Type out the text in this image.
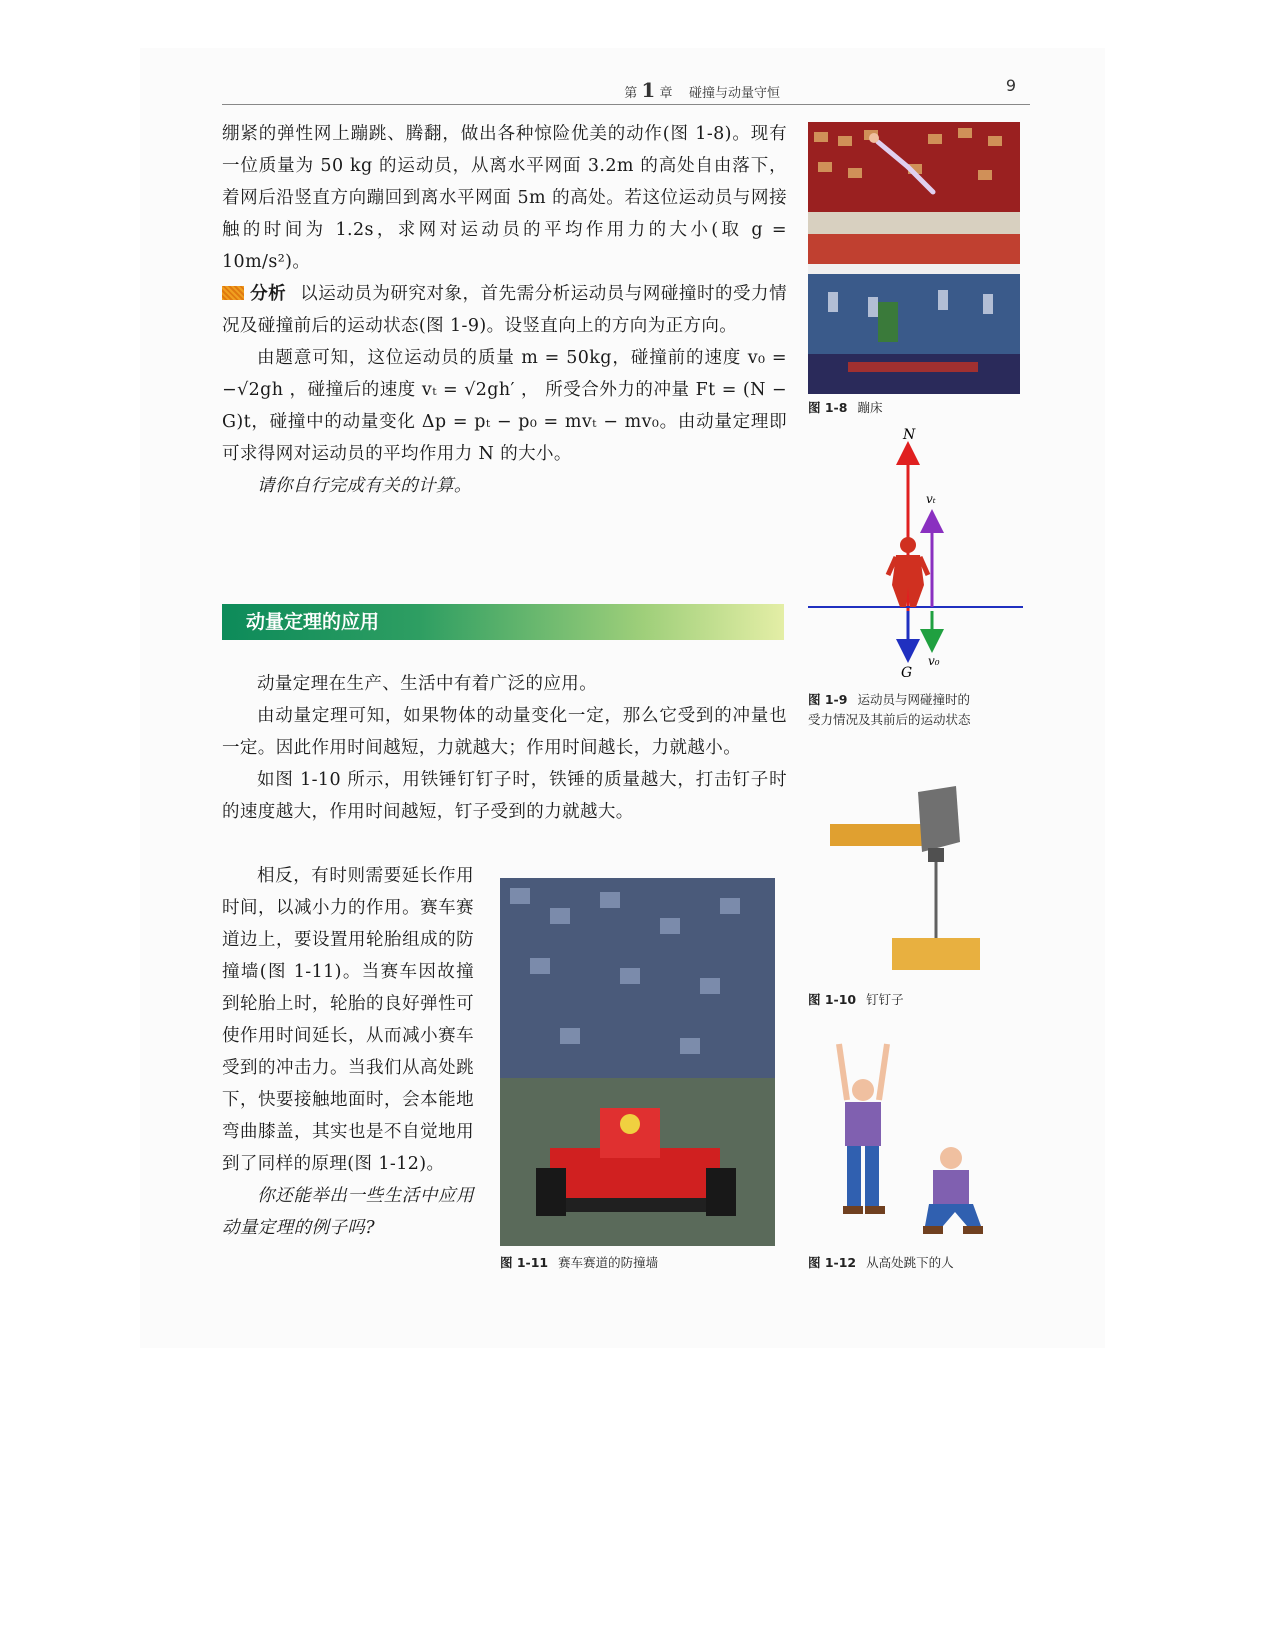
第 1 章 碰撞与动量守恒	9

绷紧的弹性网上蹦跳、腾翻，做出各种惊险优美的动作(图 1-8)。现有一位质量为 50 kg 的运动员，从离水平网面 3.2m 的高处自由落下，着网后沿竖直方向蹦回到离水平网面 5m 的高处。若这位运动员与网接触的时间为 1.2s，求网对运动员的平均作用力的大小(取 g = 10m/s²)。

分析 以运动员为研究对象，首先需分析运动员与网碰撞时的受力情况及碰撞前后的运动状态(图 1-9)。设竖直向上的方向为正方向。

由题意可知，这位运动员的质量 m = 50kg，碰撞前的速度 v₀ = −√2gh ，碰撞后的速度 vₜ = √2gh′ ， 所受合外力的冲量 Ft = (N − G)t，碰撞中的动量变化 Δp = pₜ − p₀ = mvₜ − mv₀。由动量定理即可求得网对运动员的平均作用力 N 的大小。

请你自行完成有关的计算。

动量定理的应用

动量定理在生产、生活中有着广泛的应用。

由动量定理可知，如果物体的动量变化一定，那么它受到的冲量也一定。因此作用时间越短，力就越大；作用时间越长，力就越小。

如图 1-10 所示，用铁锤钉钉子时，铁锤的质量越大，打击钉子时的速度越大，作用时间越短，钉子受到的力就越大。

相反，有时则需要延长作用时间，以减小力的作用。赛车赛道边上，要设置用轮胎组成的防撞墙(图 1-11)。当赛车因故撞到轮胎上时，轮胎的良好弹性可使作用时间延长，从而减小赛车受到的冲击力。当我们从高处跳下，快要接触地面时，会本能地弯曲膝盖，其实也是不自觉地用到了同样的原理(图 1-12)。

你还能举出一些生活中应用动量定理的例子吗?

图 1-8 蹦床
N
vₜ
G
v₀
图 1-9 运动员与网碰撞时的
受力情况及其前后的运动状态
图 1-10 钉钉子
图 1-11 赛车赛道的防撞墙	图 1-12 从高处跳下的人
